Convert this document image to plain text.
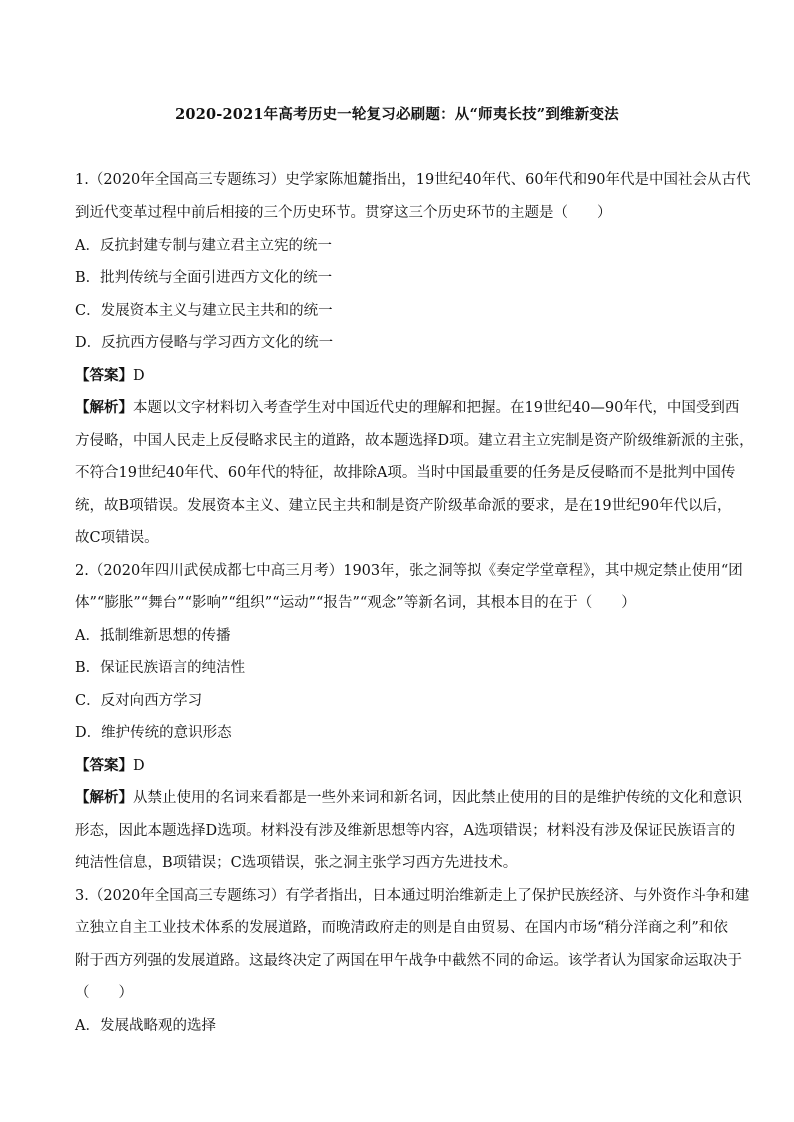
2020-2021年高考历史一轮复习必刷题：从“师夷长技”到维新变法
1.（2020年全国高三专题练习）史学家陈旭麓指出，19世纪40年代、60年代和90年代是中国社会从古代
到近代变革过程中前后相接的三个历史环节。贯穿这三个历史环节的主题是（　　）
A．反抗封建专制与建立君主立宪的统一
B．批判传统与全面引进西方文化的统一
C．发展资本主义与建立民主共和的统一
D．反抗西方侵略与学习西方文化的统一
【答案】D
【解析】本题以文字材料切入考查学生对中国近代史的理解和把握。在19世纪40—90年代，中国受到西
方侵略，中国人民走上反侵略求民主的道路，故本题选择D项。建立君主立宪制是资产阶级维新派的主张，
不符合19世纪40年代、60年代的特征，故排除A项。当时中国最重要的任务是反侵略而不是批判中国传
统，故B项错误。发展资本主义、建立民主共和制是资产阶级革命派的要求，是在19世纪90年代以后，
故C项错误。
2.（2020年四川武侯成都七中高三月考）1903年，张之洞等拟《奏定学堂章程》，其中规定禁止使用“团
体”“膨胀”“舞台”“影响”“组织”“运动”“报告”“观念”等新名词，其根本目的在于（　　）
A．抵制维新思想的传播
B．保证民族语言的纯洁性
C．反对向西方学习
D．维护传统的意识形态
【答案】D
【解析】从禁止使用的名词来看都是一些外来词和新名词，因此禁止使用的目的是维护传统的文化和意识
形态，因此本题选择D选项。材料没有涉及维新思想等内容，A选项错误；材料没有涉及保证民族语言的
纯洁性信息，B项错误；C选项错误，张之洞主张学习西方先进技术。
3.（2020年全国高三专题练习）有学者指出，日本通过明治维新走上了保护民族经济、与外资作斗争和建
立独立自主工业技术体系的发展道路，而晚清政府走的则是自由贸易、在国内市场“稍分洋商之利”和依
附于西方列强的发展道路。这最终决定了两国在甲午战争中截然不同的命运。该学者认为国家命运取决于
（　　）
A．发展战略观的选择
